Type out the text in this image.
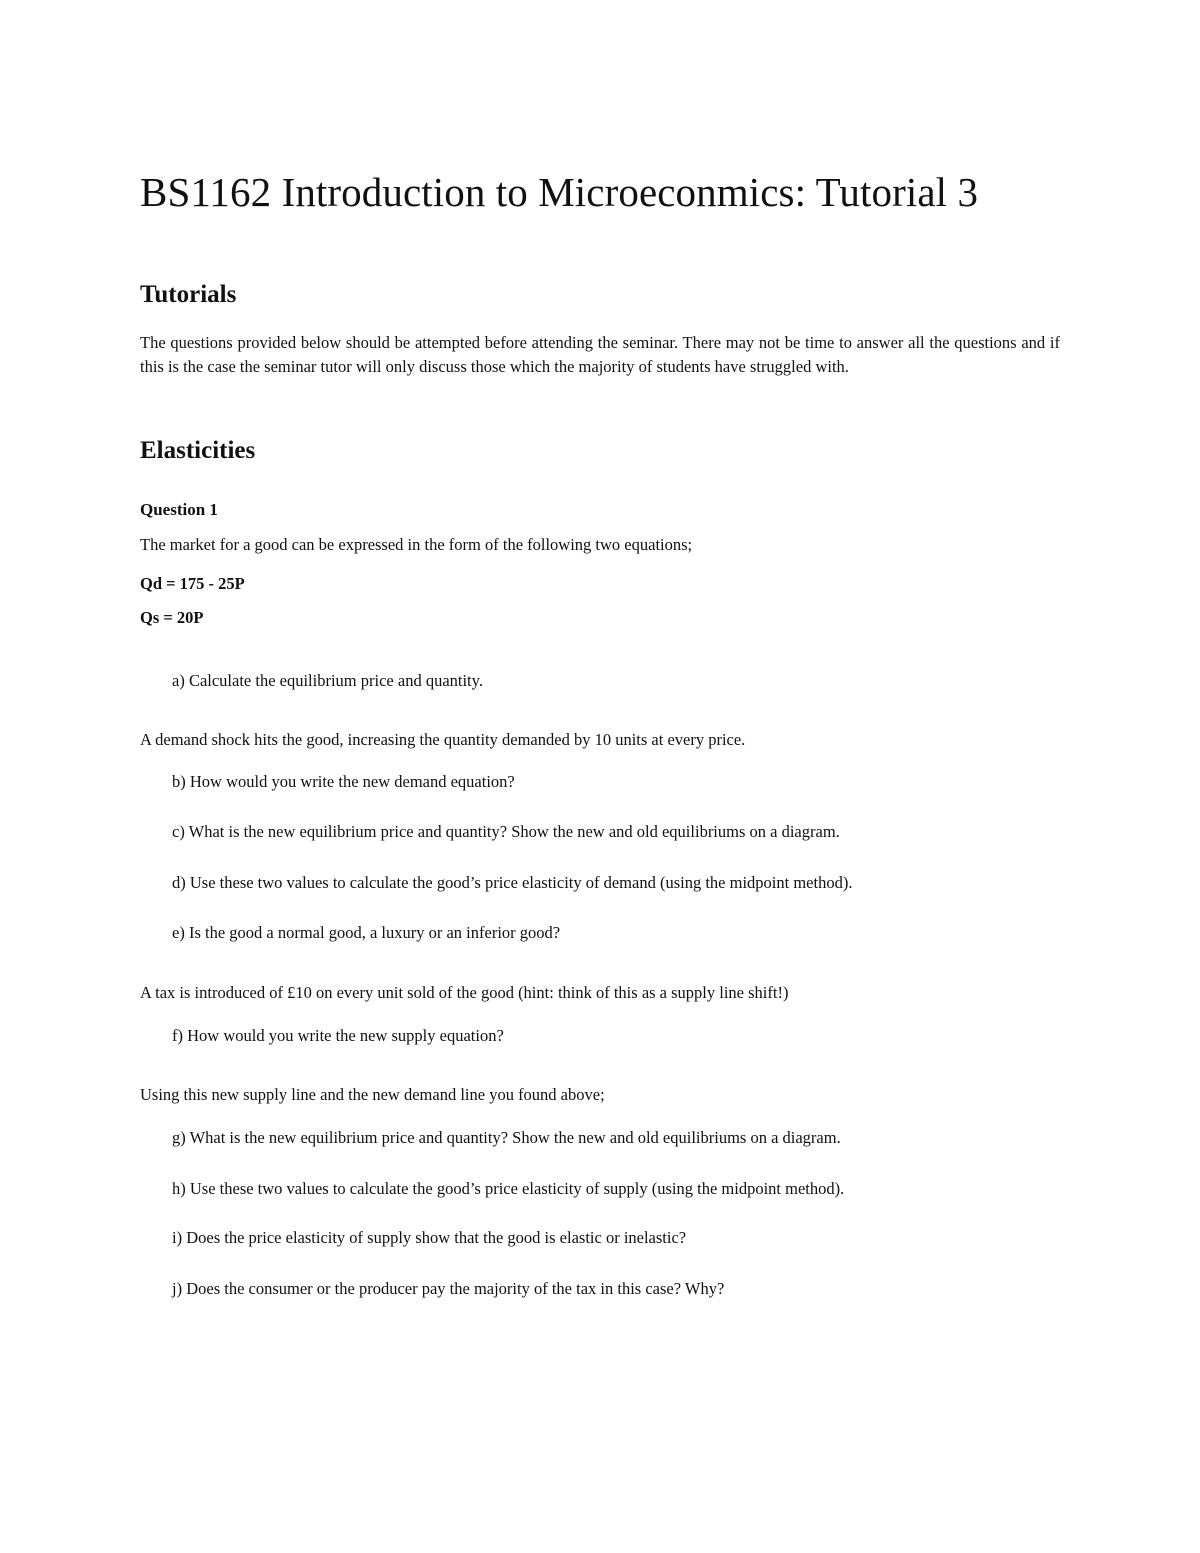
BS1162 Introduction to Microeconmics: Tutorial 3
Tutorials

The questions provided below should be attempted before attending the seminar. There may not be time to answer all the questions and if this is the case the seminar tutor will only discuss those which the majority of students have struggled with.

Elasticities
Question 1

The market for a good can be expressed in the form of the following two equations;

Qd = 175 - 25P

Qs = 20P

a) Calculate the equilibrium price and quantity.

A demand shock hits the good, increasing the quantity demanded by 10 units at every price.

b) How would you write the new demand equation?

c) What is the new equilibrium price and quantity? Show the new and old equilibriums on a diagram.

d) Use these two values to calculate the good’s price elasticity of demand (using the midpoint method).

e) Is the good a normal good, a luxury or an inferior good?

A tax is introduced of £10 on every unit sold of the good (hint: think of this as a supply line shift!)

f) How would you write the new supply equation?

Using this new supply line and the new demand line you found above;

g) What is the new equilibrium price and quantity? Show the new and old equilibriums on a diagram.

h) Use these two values to calculate the good’s price elasticity of supply (using the midpoint method).

i) Does the price elasticity of supply show that the good is elastic or inelastic?

j) Does the consumer or the producer pay the majority of the tax in this case? Why?
